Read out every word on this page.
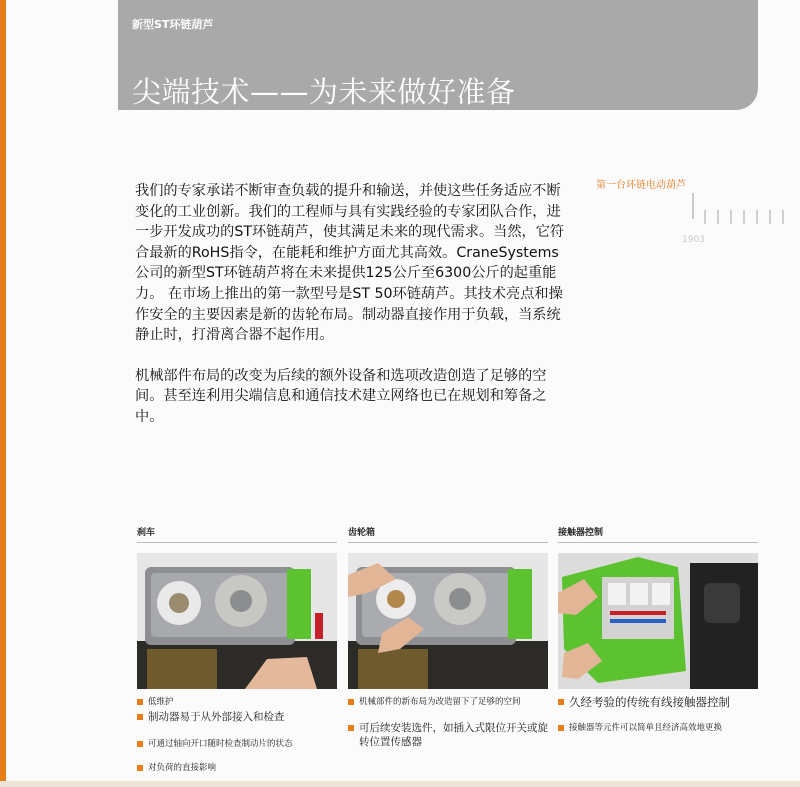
新型ST环链葫芦
尖端技术——为未来做好准备

我们的专家承诺不断审查负载的提升和输送，并使这些任务适应不断变化的工业创新。我们的工程师与具有实践经验的专家团队合作，进一步开发成功的ST环链葫芦，使其满足未来的现代需求。当然，它符合最新的RoHS指令，在能耗和维护方面尤其高效。CraneSystems公司的新型ST环链葫芦将在未来提供125公斤至6300公斤的起重能力。 在市场上推出的第一款型号是ST 50环链葫芦。其技术亮点和操作安全的主要因素是新的齿轮布局。制动器直接作用于负载，当系统静止时，打滑离合器不起作用。

机械部件布局的改变为后续的额外设备和选项改造创造了足够的空间。甚至连利用尖端信息和通信技术建立网络也已在规划和筹备之中。

第一台环链电动葫芦
1903
刹车
低维护
制动器易于从外部接入和检查
可通过轴向开口随时检查制动片的状态
对负荷的直接影响
齿轮箱
机械部件的新布局为改造留下了足够的空间
可后续安装选件，如插入式限位开关或旋转位置传感器
接触器控制
久经考验的传统有线接触器控制
接触器等元件可以简单且经济高效地更换
